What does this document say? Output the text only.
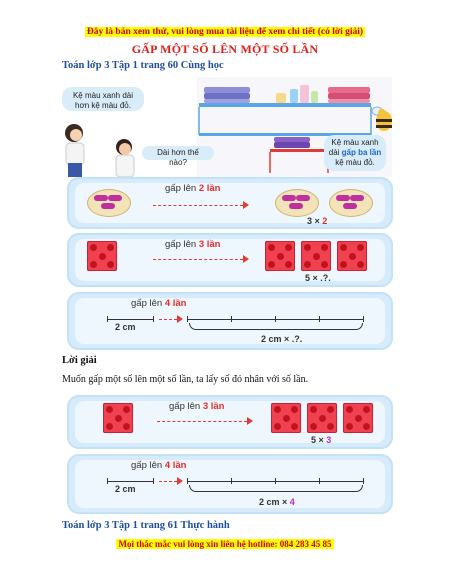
Đây là bản xem thử, vui lòng mua tài liệu để xem chi tiết (có lời giải)
GẤP MỘT SỐ LÊN MỘT SỐ LẦN
Toán lớp 3 Tập 1 trang 60 Cùng học
Kệ màu xanh dài hơn kệ màu đỏ.
Dài hơn thế nào?
Kệ màu xanh dài gấp ba lần kệ màu đỏ.
gấp lên 2 lần
3 × 2
gấp lên 3 lần
5 × .?.
gấp lên 4 lần
2 cm
2 cm × .?.
Lời giải
Muốn gấp một số lên một số lần, ta lấy số đó nhân với số lần.
gấp lên 3 lần
5 × 3
gấp lên 4 lần
2 cm
2 cm × 4
Toán lớp 3 Tập 1 trang 61 Thực hành
Mọi thắc mắc vui lòng xin liên hệ hotline: 084 283 45 85
